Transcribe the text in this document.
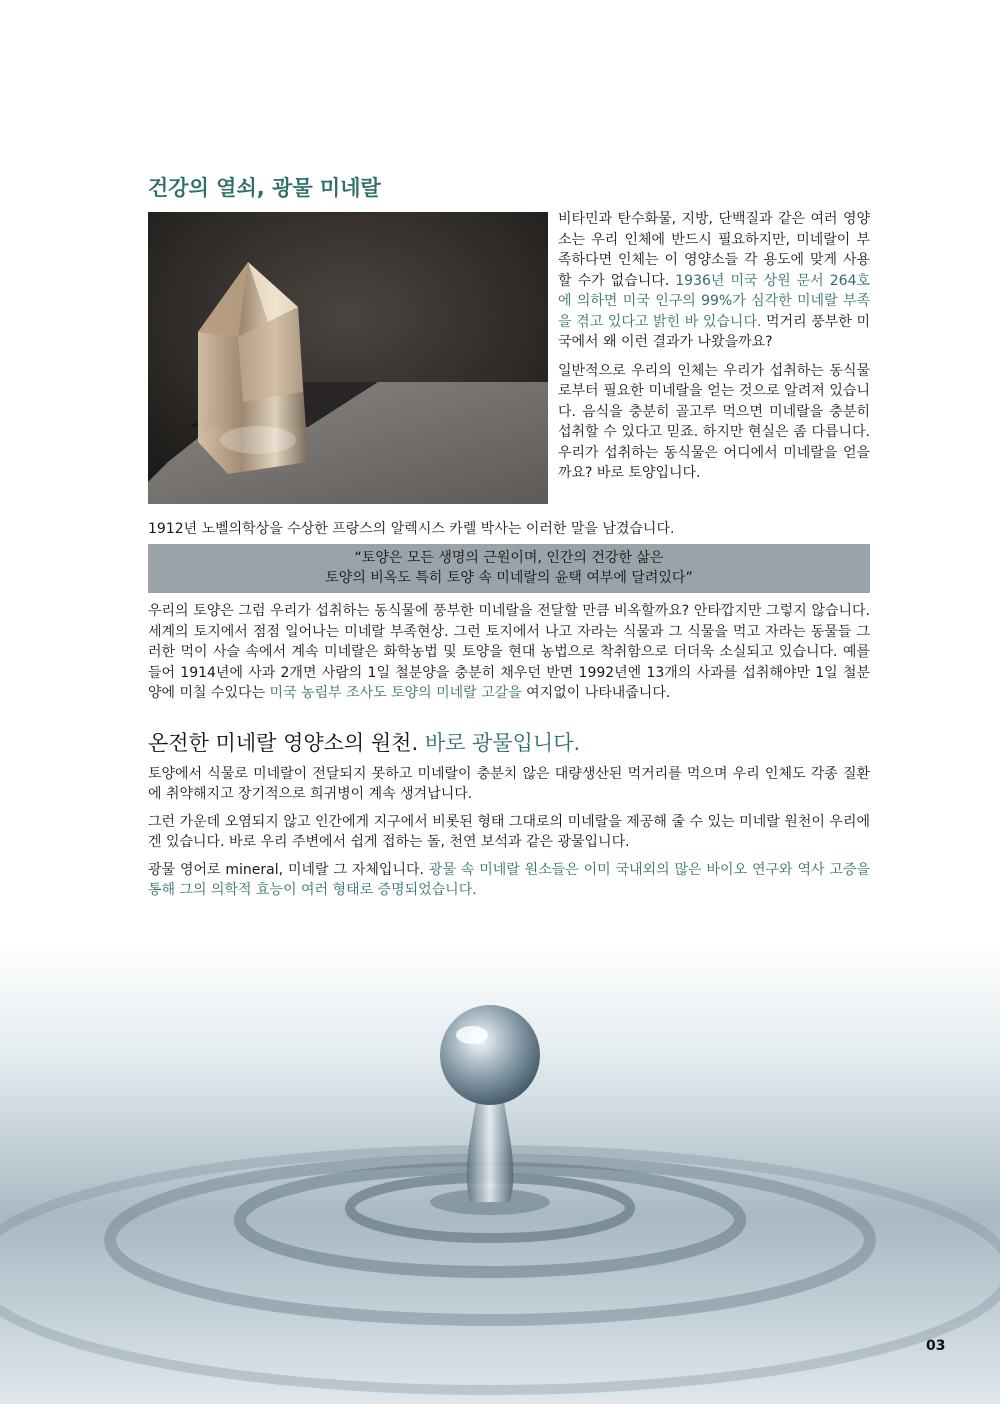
건강의 열쇠, 광물 미네랄

비타민과 탄수화물, 지방, 단백질과 같은 여러 영양소는 우리 인체에 반드시 필요하지만, 미네랄이 부족하다면 인체는 이 영양소들 각 용도에 맞게 사용할 수가 없습니다. 1936년 미국 상원 문서 264호에 의하면 미국 인구의 99%가 심각한 미네랄 부족을 겪고 있다고 밝힌 바 있습니다. 먹거리 풍부한 미국에서 왜 이런 결과가 나왔을까요?

일반적으로 우리의 인체는 우리가 섭취하는 동식물로부터 필요한 미네랄을 얻는 것으로 알려져 있습니다. 음식을 충분히 골고루 먹으면 미네랄을 충분히 섭취할 수 있다고 믿죠. 하지만 현실은 좀 다릅니다. 우리가 섭취하는 동식물은 어디에서 미네랄을 얻을까요? 바로 토양입니다.

1912년 노벨의학상을 수상한 프랑스의 알렉시스 카렐 박사는 이러한 말을 남겼습니다.
“토양은 모든 생명의 근원이며, 인간의 건강한 삶은
토양의 비옥도 특히 토양 속 미네랄의 윤택 여부에 달려있다”
우리의 토양은 그럼 우리가 섭취하는 동식물에 풍부한 미네랄을 전달할 만큼 비옥할까요? 안타깝지만 그렇지 않습니다. 세계의 토지에서 점점 일어나는 미네랄 부족현상. 그런 토지에서 나고 자라는 식물과 그 식물을 먹고 자라는 동물들 그러한 먹이 사슬 속에서 계속 미네랄은 화학농법 및 토양을 현대 농법으로 착취함으로 더더욱 소실되고 있습니다. 예를 들어 1914년에 사과 2개면 사람의 1일 철분양을 충분히 채우던 반면 1992년엔 13개의 사과를 섭취해야만 1일 철분양에 미칠 수있다는 미국 농림부 조사도 토양의 미네랄 고갈을 여지없이 나타내줍니다.
온전한 미네랄 영양소의 원천. 바로 광물입니다.

토양에서 식물로 미네랄이 전달되지 못하고 미네랄이 충분치 않은 대량생산된 먹거리를 먹으며 우리 인체도 각종 질환에 취약해지고 장기적으로 희귀병이 계속 생겨납니다.

그런 가운데 오염되지 않고 인간에게 지구에서 비롯된 형태 그대로의 미네랄을 제공해 줄 수 있는 미네랄 원천이 우리에겐 있습니다. 바로 우리 주변에서 쉽게 접하는 돌, 천연 보석과 같은 광물입니다.

광물 영어로 mineral, 미네랄 그 자체입니다. 광물 속 미네랄 원소들은 이미 국내외의 많은 바이오 연구와 역사 고증을 통해 그의 의학적 효능이 여러 형태로 증명되었습니다.

03
